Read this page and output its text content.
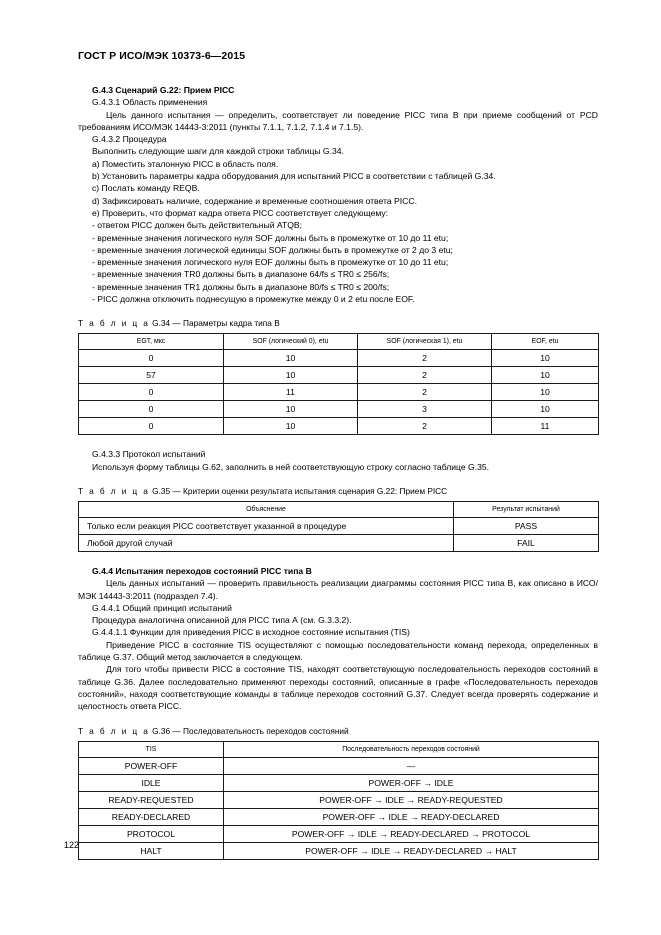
ГОСТ Р ИСО/МЭК 10373-6—2015
G.4.3 Сценарий G.22: Прием PICC
G.4.3.1 Область применения
Цель данного испытания — определить, соответствует ли поведение PICC типа В при приеме сообщений от PCD требованиям ИСО/МЭК 14443-3:2011 (пункты 7.1.1, 7.1.2, 7.1.4 и 7.1.5).
G.4.3.2 Процедура
Выполнить следующие шаги для каждой строки таблицы G.34.
a) Поместить эталонную PICC в область поля.
b) Установить параметры кадра оборудования для испытаний PICC в соответствии с таблицей G.34.
c) Послать команду REQB.
d) Зафиксировать наличие, содержание и временные соотношения ответа PICC.
e) Проверить, что формат кадра ответа PICC соответствует следующему:
- ответом PICC должен быть действительный ATQB;
- временные значения логического нуля SOF должны быть в промежутке от 10 до 11 etu;
- временные значения логической единицы SOF должны быть в промежутке от 2 до 3 etu;
- временные значения логического нуля EOF должны быть в промежутке от 10 до 11 etu;
- временные значения TR0 должны быть в диапазоне 64/fs ≤ TR0 ≤ 256/fs;
- временные значения TR1 должны быть в диапазоне 80/fs ≤ TR0 ≤ 200/fs;
- PICC должна отключить поднесущую в промежутке между 0 и 2 etu после EOF.
Т а б л и ц а G.34 — Параметры кадра типа В
EGT, мкс	SOF (логический 0), etu	SOF (логическая 1), etu	EOF, etu
0	10	2	10
57	10	2	10
0	11	2	10
0	10	3	10
0	10	2	11
G.4.3.3 Протокол испытаний
Используя форму таблицы G.62, заполнить в ней соответствующую строку согласно таблице G.35.
Т а б л и ц а G.35 — Критерии оценки результата испытания сценария G.22: Прием PICC
Объяснение	Результат испытаний
Только если реакция PICC соответствует указанной в процедуре	PASS
Любой другой случай	FAIL
G.4.4 Испытания переходов состояний PICC типа В
Цель данных испытаний — проверить правильность реализации диаграммы состояния PICC типа В, как описано в ИСО/МЭК 14443-3:2011 (подраздел 7.4).
G.4.4.1 Общий принцип испытаний
Процедура аналогична описанной для PICC типа А (см. G.3.3.2).
G.4.4.1.1 Функции для приведения PICC в исходное состояние испытания (TIS)
Приведение PICC в состояние TIS осуществляют с помощью последовательности команд перехода, определенных в таблице G.37. Общий метод заключается в следующем.
Для того чтобы привести PICC в состояние TIS, находят соответствующую последовательность переходов состояний в таблице G.36. Далее последовательно применяют переходы состояний, описанные в графе «Последовательность переходов состояний», находя соответствующие команды в таблице переходов состояний G.37. Следует всегда проверять содержание и целостность ответа PICC.
Т а б л и ц а G.36 — Последовательность переходов состояний
TIS	Последовательность переходов состояний
POWER-OFF	—
IDLE	POWER-OFF → IDLE
READY-REQUESTED	POWER-OFF → IDLE → READY-REQUESTED
READY-DECLARED	POWER-OFF → IDLE → READY-DECLARED
PROTOCOL	POWER-OFF → IDLE → READY-DECLARED → PROTOCOL
HALT	POWER-OFF → IDLE → READY-DECLARED → HALT
122
